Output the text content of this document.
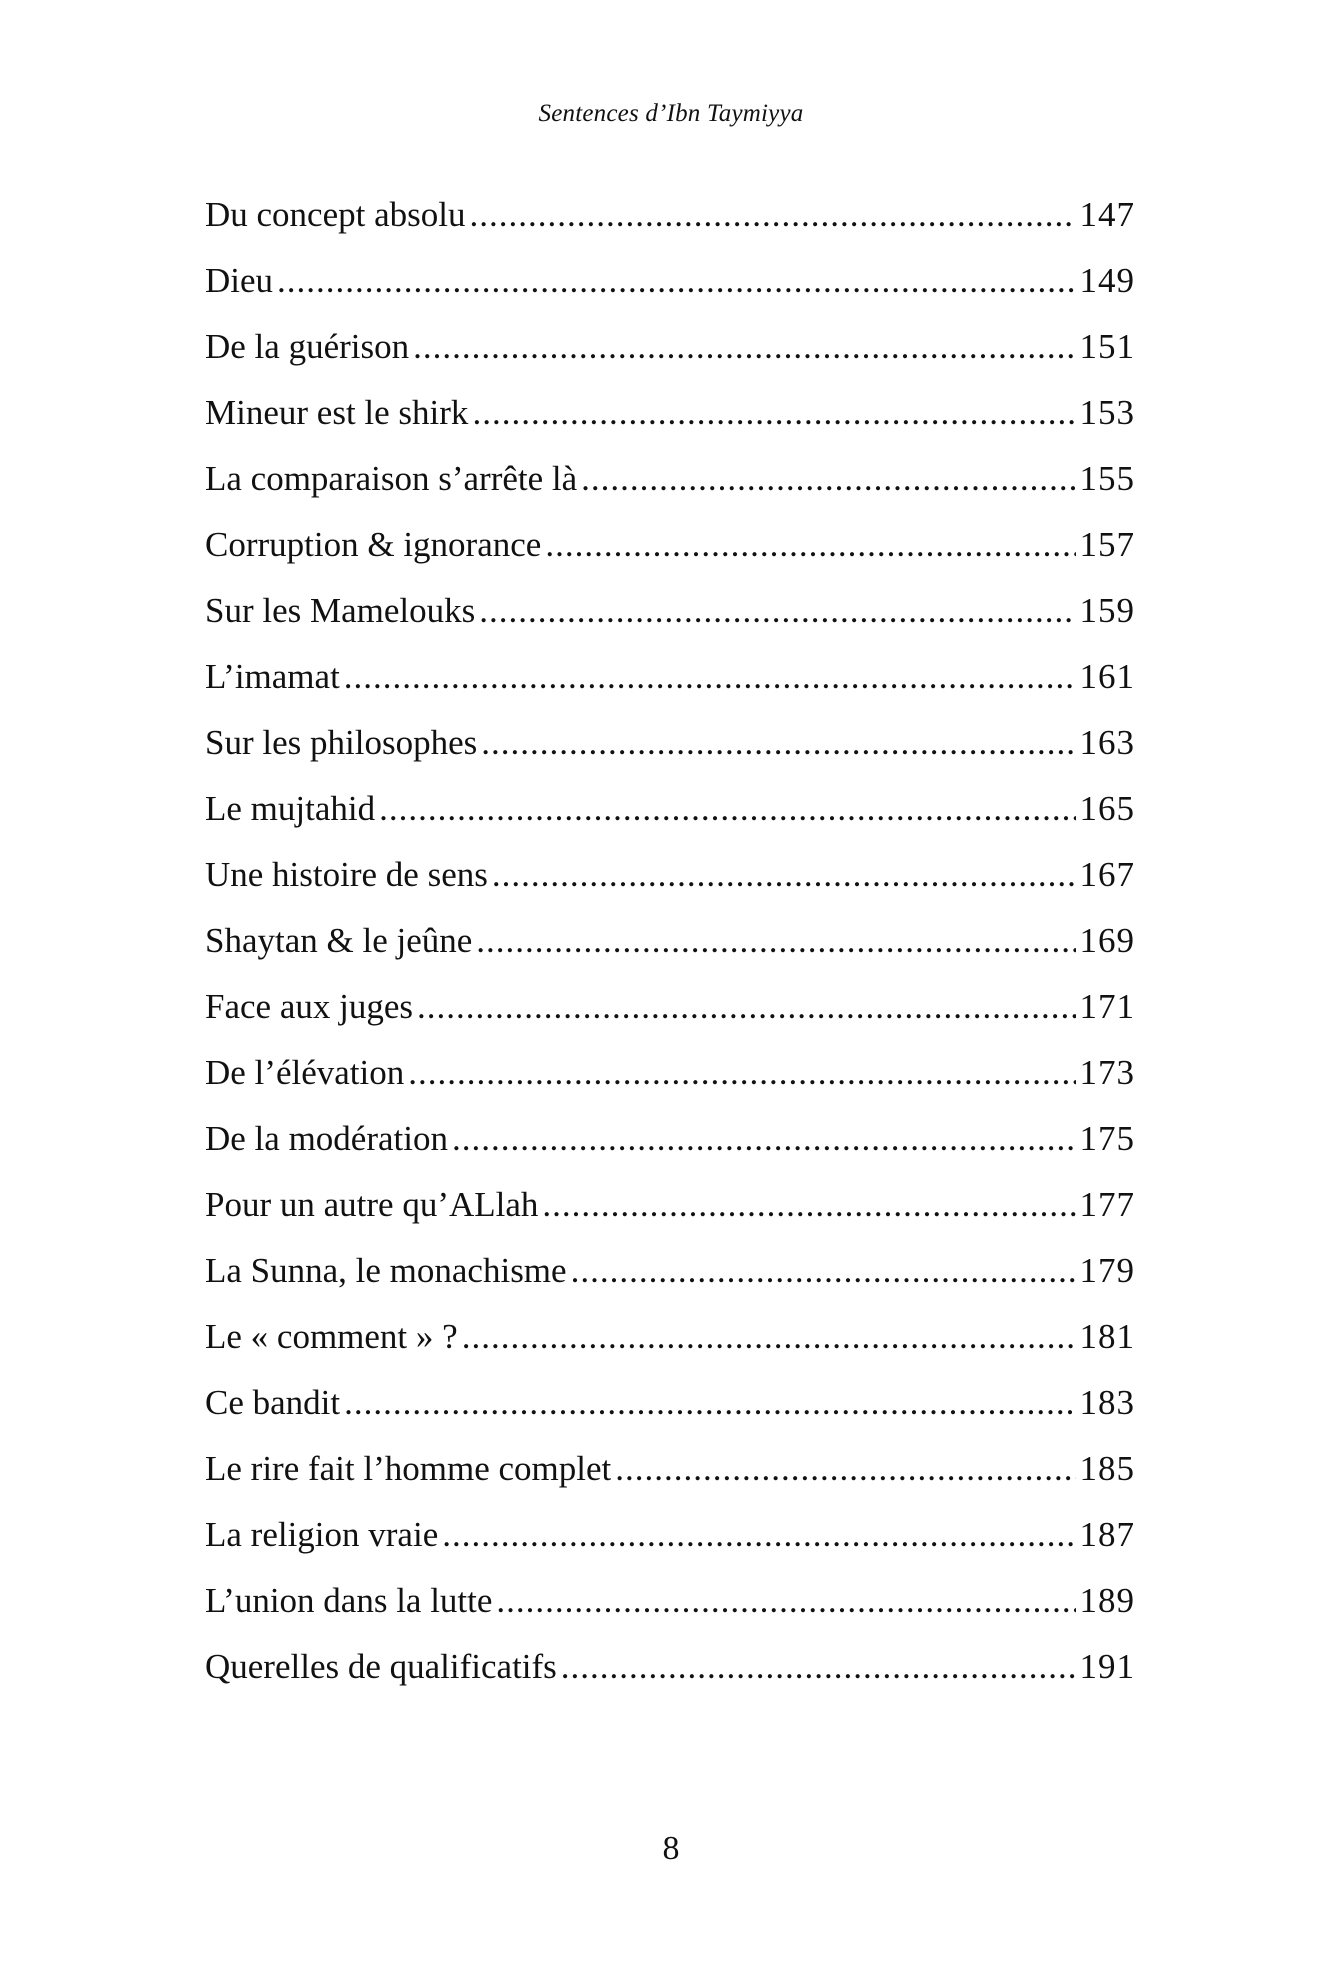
Sentences d’Ibn Taymiyya
Du concept absolu .....	147
Dieu .....	149
De la guérison .....	151
Mineur est le shirk .....	153
La comparaison s’arrête là .....	155
Corruption & ignorance .....	157
Sur les Mamelouks .....	159
L’imamat .....	161
Sur les philosophes .....	163
Le mujtahid .....	165
Une histoire de sens .....	167
Shaytan & le jeûne .....	169
Face aux juges .....	171
De l’élévation .....	173
De la modération .....	175
Pour un autre qu’ALlah .....	177
La Sunna, le monachisme .....	179
Le « comment » ? .....	181
Ce bandit .....	183
Le rire fait l’homme complet .....	185
La religion vraie .....	187
L’union dans la lutte .....	189
Querelles de qualificatifs .....	191
8
